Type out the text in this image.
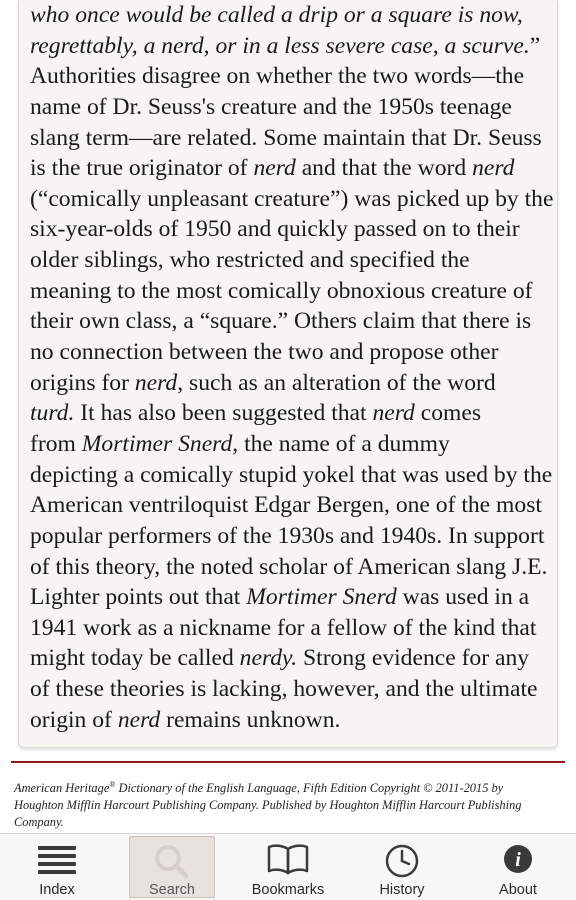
who once would be called a drip or a square is now,
regrettably, a nerd, or in a less severe case, a scurve.”
Authorities disagree on whether the two words—the
name of Dr. Seuss's creature and the 1950s teenage
slang term—are related. Some maintain that Dr. Seuss
is the true originator of nerd and that the word nerd
(“comically unpleasant creature”) was picked up by the
six-year-olds of 1950 and quickly passed on to their
older siblings, who restricted and specified the
meaning to the most comically obnoxious creature of
their own class, a “square.” Others claim that there is
no connection between the two and propose other
origins for nerd, such as an alteration of the word
turd. It has also been suggested that nerd comes
from Mortimer Snerd, the name of a dummy
depicting a comically stupid yokel that was used by the
American ventriloquist Edgar Bergen, one of the most
popular performers of the 1930s and 1940s. In support
of this theory, the noted scholar of American slang J.E.
Lighter points out that Mortimer Snerd was used in a
1941 work as a nickname for a fellow of the kind that
might today be called nerdy. Strong evidence for any
of these theories is lacking, however, and the ultimate
origin of nerd remains unknown.
American Heritage® Dictionary of the English Language, Fifth Edition Copyright © 2011-2015 by
Houghton Mifflin Harcourt Publishing Company. Published by Houghton Mifflin Harcourt Publishing Company.

Index	Search	Bookmarks	History
i
About
